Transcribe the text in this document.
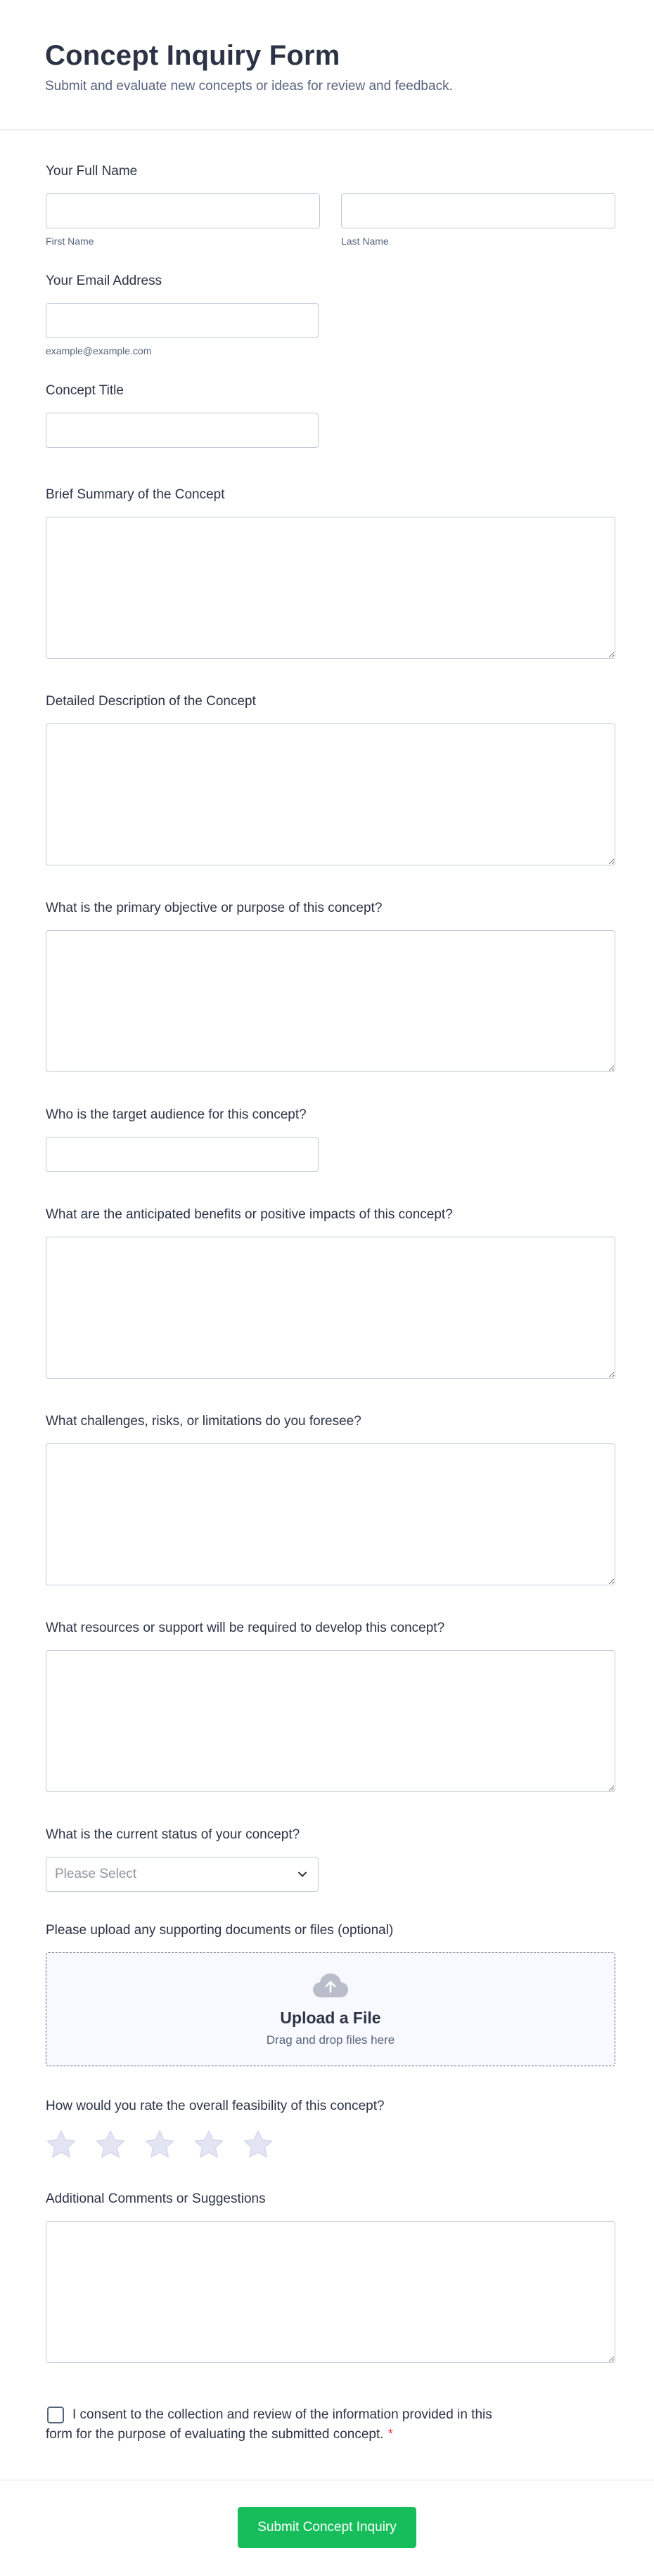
Concept Inquiry Form

Submit and evaluate new concepts or ideas for review and feedback.

Your Full Name
First Name	Last Name
Your Email Address
example@example.com
Concept Title
Brief Summary of the Concept
Detailed Description of the Concept
What is the primary objective or purpose of this concept?
Who is the target audience for this concept?
What are the anticipated benefits or positive impacts of this concept?
What challenges, risks, or limitations do you foresee?
What resources or support will be required to develop this concept?
What is the current status of your concept?
Please Select
Please upload any supporting documents or files (optional)
Upload a File
Drag and drop files here
How would you rate the overall feasibility of this concept?
Additional Comments or Suggestions
I consent to the collection and review of the information provided in this
form for the purpose of evaluating the submitted concept. *
Submit Concept Inquiry
